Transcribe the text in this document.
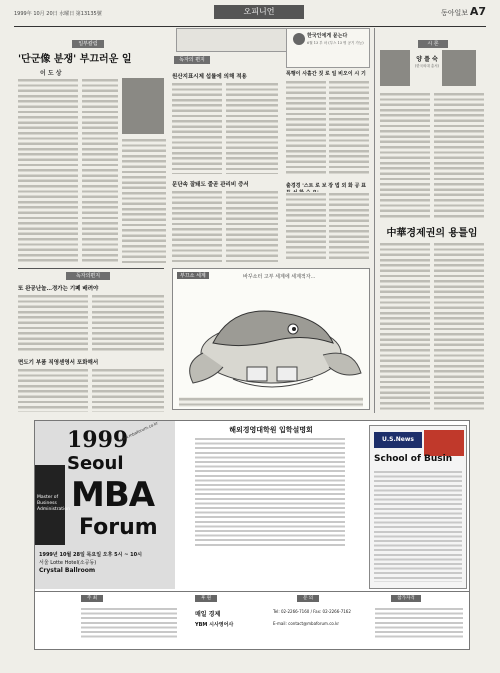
1999年 10月 20日 水曜日 第13135號	오피니언	동아일보 A7
일부칼럼
'단군像 분쟁' 부끄러운 일
이 도 상
독자의 편지
원산지표시제 섭률에 의해 적용
문단속 잘돼도 줄곧 관리비 증서
한국인에게 묻는다
6월 13 부 마 (부스 13 명 공기 가능)
폭행이 사흘간 짓 로 일 비오이 시 기
출경경 '스트 로 보 장 법 외 화 공 표
독자의편지
또 완공난놀…경가는 기폐 배려야
면도기 부품 직영센영서 포화해서
부끄소 세계	바꾸소터 고부 세계에 세계적자…
시 론
양 플 숙
(한국외대 총서)
中華경제권의 용틀임
Master of
Business
Administration
1999
Seoul
MBA
Forum
www.mbaforum.co.kr	해외경영대학원 입학설명회
1999년 10월 28일 목요일 오후 5시 ~ 10시
서울 Lotte Hotel(소공동)
Crystal Ballroom
U.S.News
School of Busin
주 최	후 원	문 의	참가자격
매일 경제
YBM 시사영어사
Tel: 02-2266-7160 / Fax: 02-2266-7162
E-mail: contact@mbaforum.co.kr
